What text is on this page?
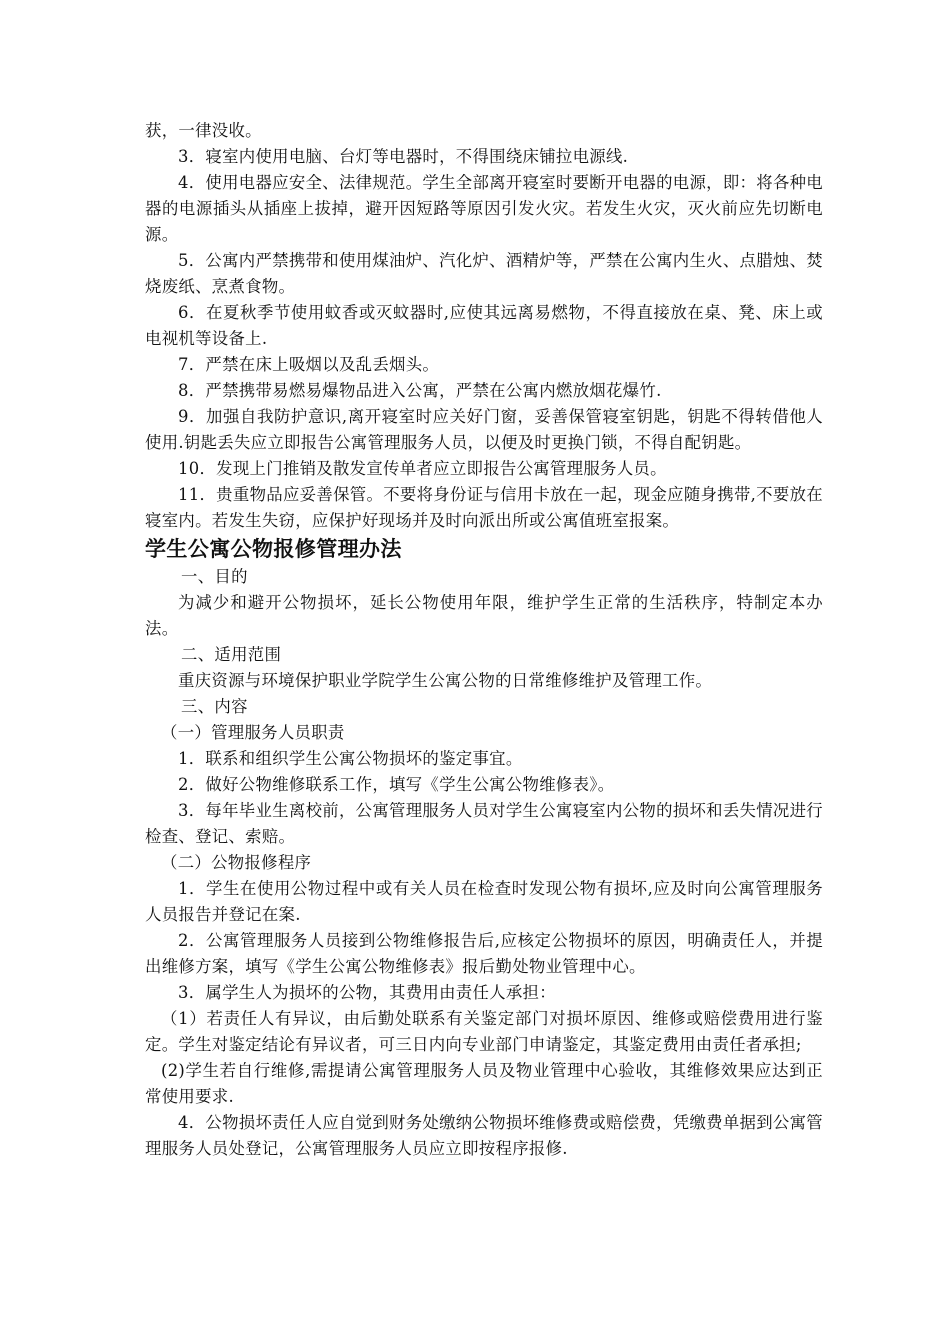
获，一律没收。

3．寝室内使用电脑、台灯等电器时，不得围绕床铺拉电源线.

4．使用电器应安全、法律规范。学生全部离开寝室时要断开电器的电源，即：将各种电器的电源插头从插座上拔掉，避开因短路等原因引发火灾。若发生火灾，灭火前应先切断电源。

5．公寓内严禁携带和使用煤油炉、汽化炉、酒精炉等，严禁在公寓内生火、点腊烛、焚烧废纸、烹煮食物。

6．在夏秋季节使用蚊香或灭蚊器时,应使其远离易燃物，不得直接放在桌、凳、床上或电视机等设备上.

7．严禁在床上吸烟以及乱丢烟头。

8．严禁携带易燃易爆物品进入公寓，严禁在公寓内燃放烟花爆竹.

9．加强自我防护意识,离开寝室时应关好门窗，妥善保管寝室钥匙，钥匙不得转借他人使用.钥匙丢失应立即报告公寓管理服务人员，以便及时更换门锁，不得自配钥匙。

10．发现上门推销及散发宣传单者应立即报告公寓管理服务人员。

11．贵重物品应妥善保管。不要将身份证与信用卡放在一起，现金应随身携带,不要放在寝室内。若发生失窃，应保护好现场并及时向派出所或公寓值班室报案。

学生公寓公物报修管理办法

一、目的

为减少和避开公物损坏，延长公物使用年限，维护学生正常的生活秩序，特制定本办法。

二、适用范围

重庆资源与环境保护职业学院学生公寓公物的日常维修维护及管理工作。

三、内容

（一）管理服务人员职责

1．联系和组织学生公寓公物损坏的鉴定事宜。

2．做好公物维修联系工作，填写《学生公寓公物维修表》。

3．每年毕业生离校前，公寓管理服务人员对学生公寓寝室内公物的损坏和丢失情况进行检查、登记、索赔。

（二）公物报修程序

1．学生在使用公物过程中或有关人员在检查时发现公物有损坏,应及时向公寓管理服务人员报告并登记在案.

2．公寓管理服务人员接到公物维修报告后,应核定公物损坏的原因，明确责任人，并提出维修方案，填写《学生公寓公物维修表》报后勤处物业管理中心。

3．属学生人为损坏的公物，其费用由责任人承担：

（1）若责任人有异议，由后勤处联系有关鉴定部门对损坏原因、维修或赔偿费用进行鉴定。学生对鉴定结论有异议者，可三日内向专业部门申请鉴定，其鉴定费用由责任者承担;

(2)学生若自行维修,需提请公寓管理服务人员及物业管理中心验收，其维修效果应达到正常使用要求.

4．公物损坏责任人应自觉到财务处缴纳公物损坏维修费或赔偿费，凭缴费单据到公寓管理服务人员处登记，公寓管理服务人员应立即按程序报修.
